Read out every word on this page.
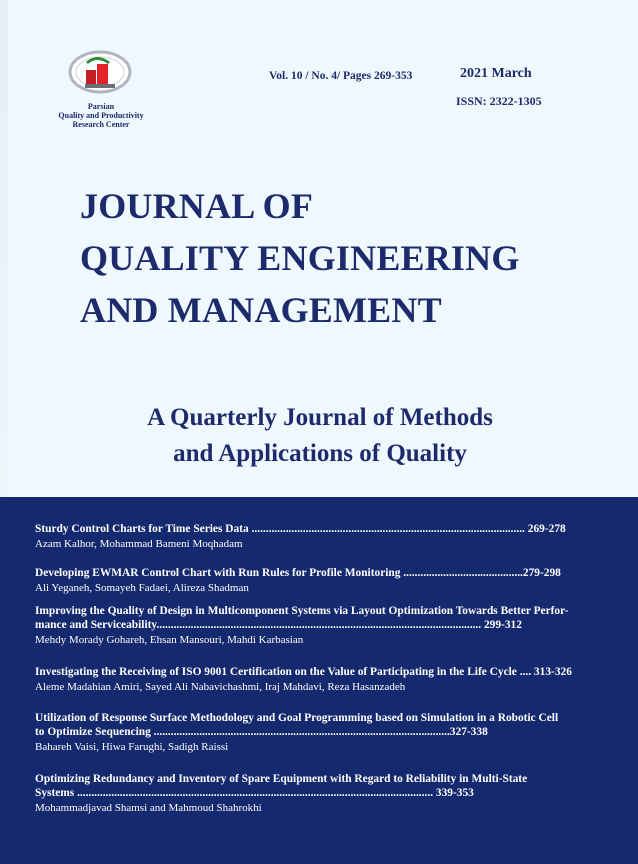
Parsian
Quality and Productivity
Research Center
Vol. 10 / No. 4/ Pages 269-353	2021 March
ISSN: 2322-1305
JOURNAL OF
QUALITY ENGINEERING
AND MANAGEMENT
A Quarterly Journal of Methods
and Applications of Quality
Sturdy Control Charts for Time Series Data ................................................................................................ 269-278
Azam Kalhor, Mohammad Bameni Moqhadam
Developing EWMAR Control Chart with Run Rules for Profile Monitoring ..........................................279-298
Ali Yeganeh, Somayeh Fadaei, Alireza Shadman
Improving the Quality of Design in Multicomponent Systems via Layout Optimization Towards Better Perfor-
mance and Serviceability.................................................................................................................. 299-312
Mehdy Morady Gohareh, Ehsan Mansouri, Mahdi Karbasian
Investigating the Receiving of ISO 9001 Certification on the Value of Participating in the Life Cycle .... 313-326
Aleme Madahian Amiri, Sayed Ali Nabavichashmi, Iraj Mahdavi, Reza Hasanzadeh
Utilization of Response Surface Methodology and Goal Programming based on Simulation in a Robotic Cell
to Optimize Sequencing ........................................................................................................327-338
Bahareh Vaisi, Hiwa Farughi, Sadigh Raissi
Optimizing Redundancy and Inventory of Spare Equipment with Regard to Reliability in Multi-State
Systems ............................................................................................................................. 339-353
Mohammadjavad Shamsi and Mahmoud Shahrokhi
